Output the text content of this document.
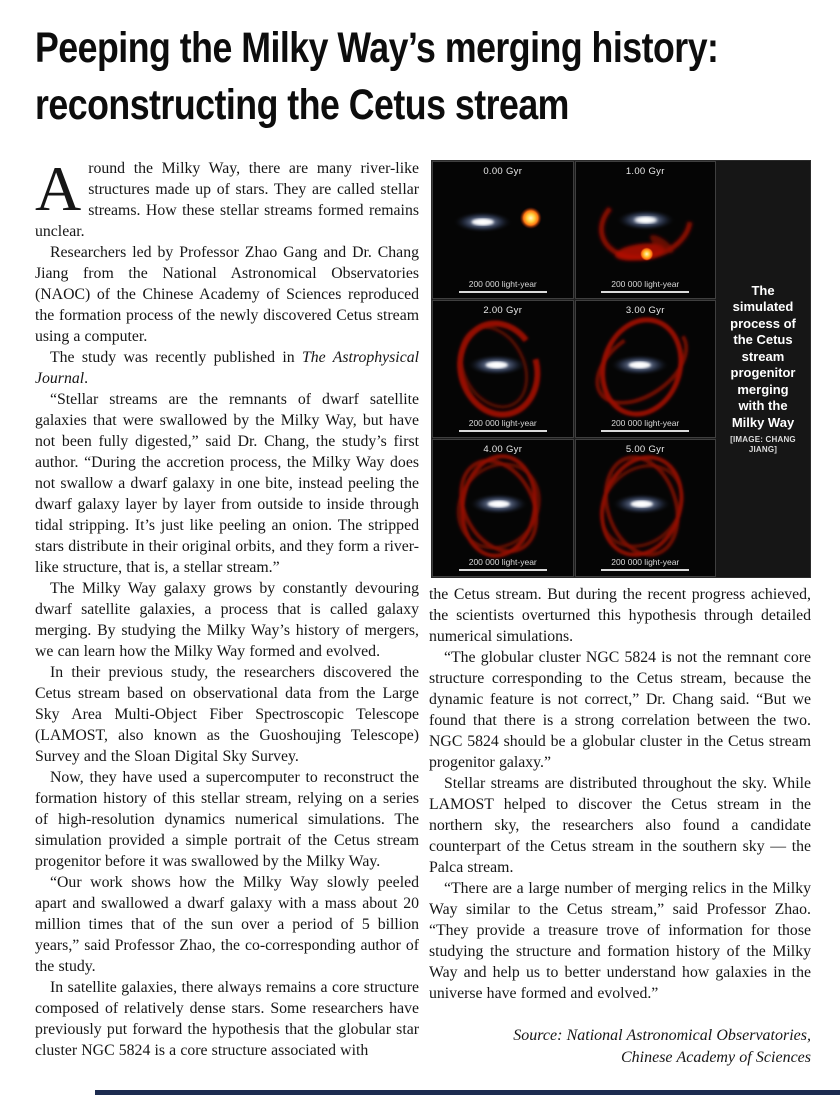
Peeping the Milky Way’s merging history:
reconstructing the Cetus stream

Around the Milky Way, there are many river-like structures made up of stars. They are called stellar streams. How these stellar streams formed remains unclear.

Researchers led by Professor Zhao Gang and Dr. Chang Jiang from the National Astronomical Observatories (NAOC) of the Chinese Academy of Sciences reproduced the formation process of the newly discovered Cetus stream using a computer.

The study was recently published in The Astrophysical Journal.

“Stellar streams are the remnants of dwarf satellite galaxies that were swallowed by the Milky Way, but have not been fully digested,” said Dr. Chang, the study’s first author. “During the accretion process, the Milky Way does not swallow a dwarf galaxy in one bite, instead peeling the dwarf galaxy layer by layer from outside to inside through tidal stripping. It’s just like peeling an onion. The stripped stars distribute in their original orbits, and they form a river-like structure, that is, a stellar stream.”

The Milky Way galaxy grows by constantly devouring dwarf satellite galaxies, a process that is called galaxy merging. By studying the Milky Way’s history of mergers, we can learn how the Milky Way formed and evolved.

In their previous study, the researchers discovered the Cetus stream based on observational data from the Large Sky Area Multi-Object Fiber Spectroscopic Telescope (LAMOST, also known as the Guoshoujing Telescope) Survey and the Sloan Digital Sky Survey.

Now, they have used a supercomputer to reconstruct the formation history of this stellar stream, relying on a series of high-resolution dynamics numerical simulations. The simulation provided a simple portrait of the Cetus stream progenitor before it was swallowed by the Milky Way.

“Our work shows how the Milky Way slowly peeled apart and swallowed a dwarf galaxy with a mass about 20 million times that of the sun over a period of 5 billion years,” said Professor Zhao, the co-corresponding author of the study.

In satellite galaxies, there always remains a core structure composed of relatively dense stars. Some researchers have previously put forward the hypothesis that the globular star cluster NGC 5824 is a core structure associated with

0.00 Gyr
200 000 light-year
1.00 Gyr
200 000 light-year
2.00 Gyr
200 000 light-year
3.00 Gyr
200 000 light-year
4.00 Gyr
200 000 light-year
5.00 Gyr
200 000 light-year
The simulated process of the Cetus stream progenitor merging with the Milky Way
[IMAGE: CHANG JIANG]

the Cetus stream. But during the recent progress achieved, the scientists overturned this hypothesis through detailed numerical simulations.

“The globular cluster NGC 5824 is not the remnant core structure corresponding to the Cetus stream, because the dynamic feature is not correct,” Dr. Chang said. “But we found that there is a strong correlation between the two. NGC 5824 should be a globular cluster in the Cetus stream progenitor galaxy.”

Stellar streams are distributed throughout the sky. While LAMOST helped to discover the Cetus stream in the northern sky, the researchers also found a candidate counterpart of the Cetus stream in the southern sky — the Palca stream.

“There are a large number of merging relics in the Milky Way similar to the Cetus stream,” said Professor Zhao. “They provide a treasure trove of information for those studying the structure and formation history of the Milky Way and help us to better understand how galaxies in the universe have formed and evolved.”

Source: National Astronomical Observatories,
Chinese Academy of Sciences
